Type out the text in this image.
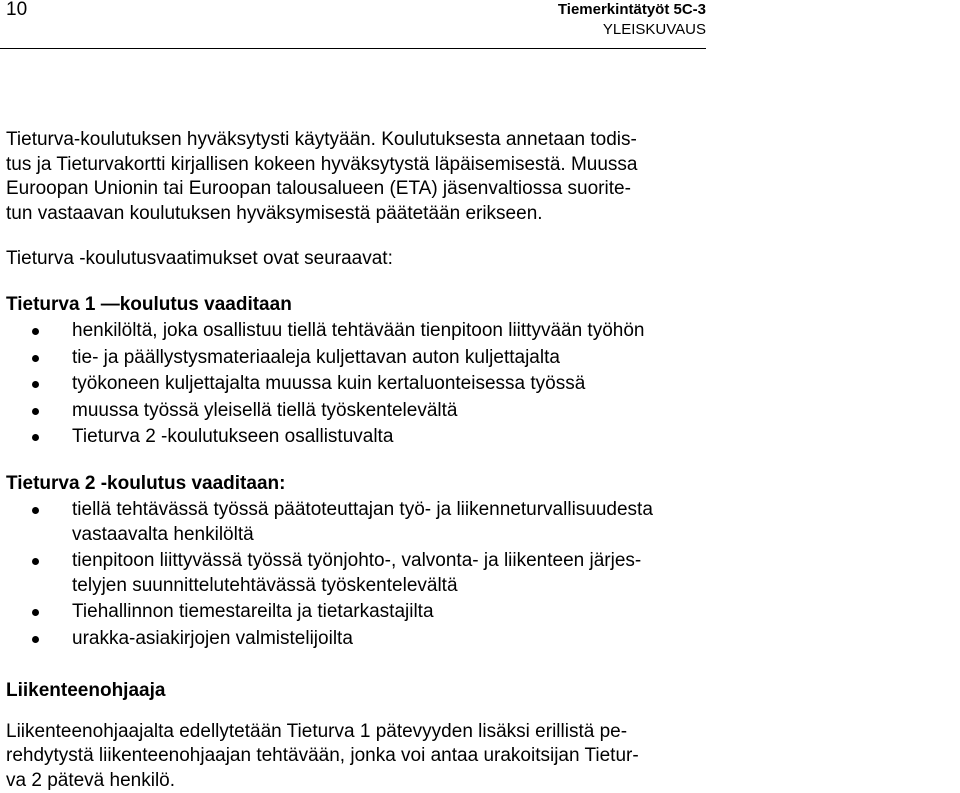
10	Tiemerkintätyöt 5C-3
YLEISKUVAUS

Tieturva-koulutuksen hyväksytysti käytyään. Koulutuksesta annetaan todis-
tus ja Tieturvakortti kirjallisen kokeen hyväksytystä läpäisemisestä. Muussa
Euroopan Unionin tai Euroopan talousalueen (ETA) jäsenvaltiossa suorite-
tun vastaavan koulutuksen hyväksymisestä päätetään erikseen.

Tieturva -koulutusvaatimukset ovat seuraavat:

Tieturva 1 —koulutus vaaditaan

henkilöltä, joka osallistuu tiellä tehtävään tienpitoon liittyvään työhön
tie- ja päällystysmateriaaleja kuljettavan auton kuljettajalta
työkoneen kuljettajalta muussa kuin kertaluonteisessa työssä
muussa työssä yleisellä tiellä työskentelevältä
Tieturva 2 -koulutukseen osallistuvalta

Tieturva 2 -koulutus vaaditaan:

tiellä tehtävässä työssä päätoteuttajan työ- ja liikenneturvallisuudesta
vastaavalta henkilöltä
tienpitoon liittyvässä työssä työnjohto-, valvonta- ja liikenteen järjes-
telyjen suunnittelutehtävässä työskentelevältä
Tiehallinnon tiemestareilta ja tietarkastajilta
urakka-asiakirjojen valmistelijoilta

Liikenteenohjaaja

Liikenteenohjaajalta edellytetään Tieturva 1 pätevyyden lisäksi erillistä pe-
rehdytystä liikenteenohjaajan tehtävään, jonka voi antaa urakoitsijan Tietur-
va 2 pätevä henkilö.
